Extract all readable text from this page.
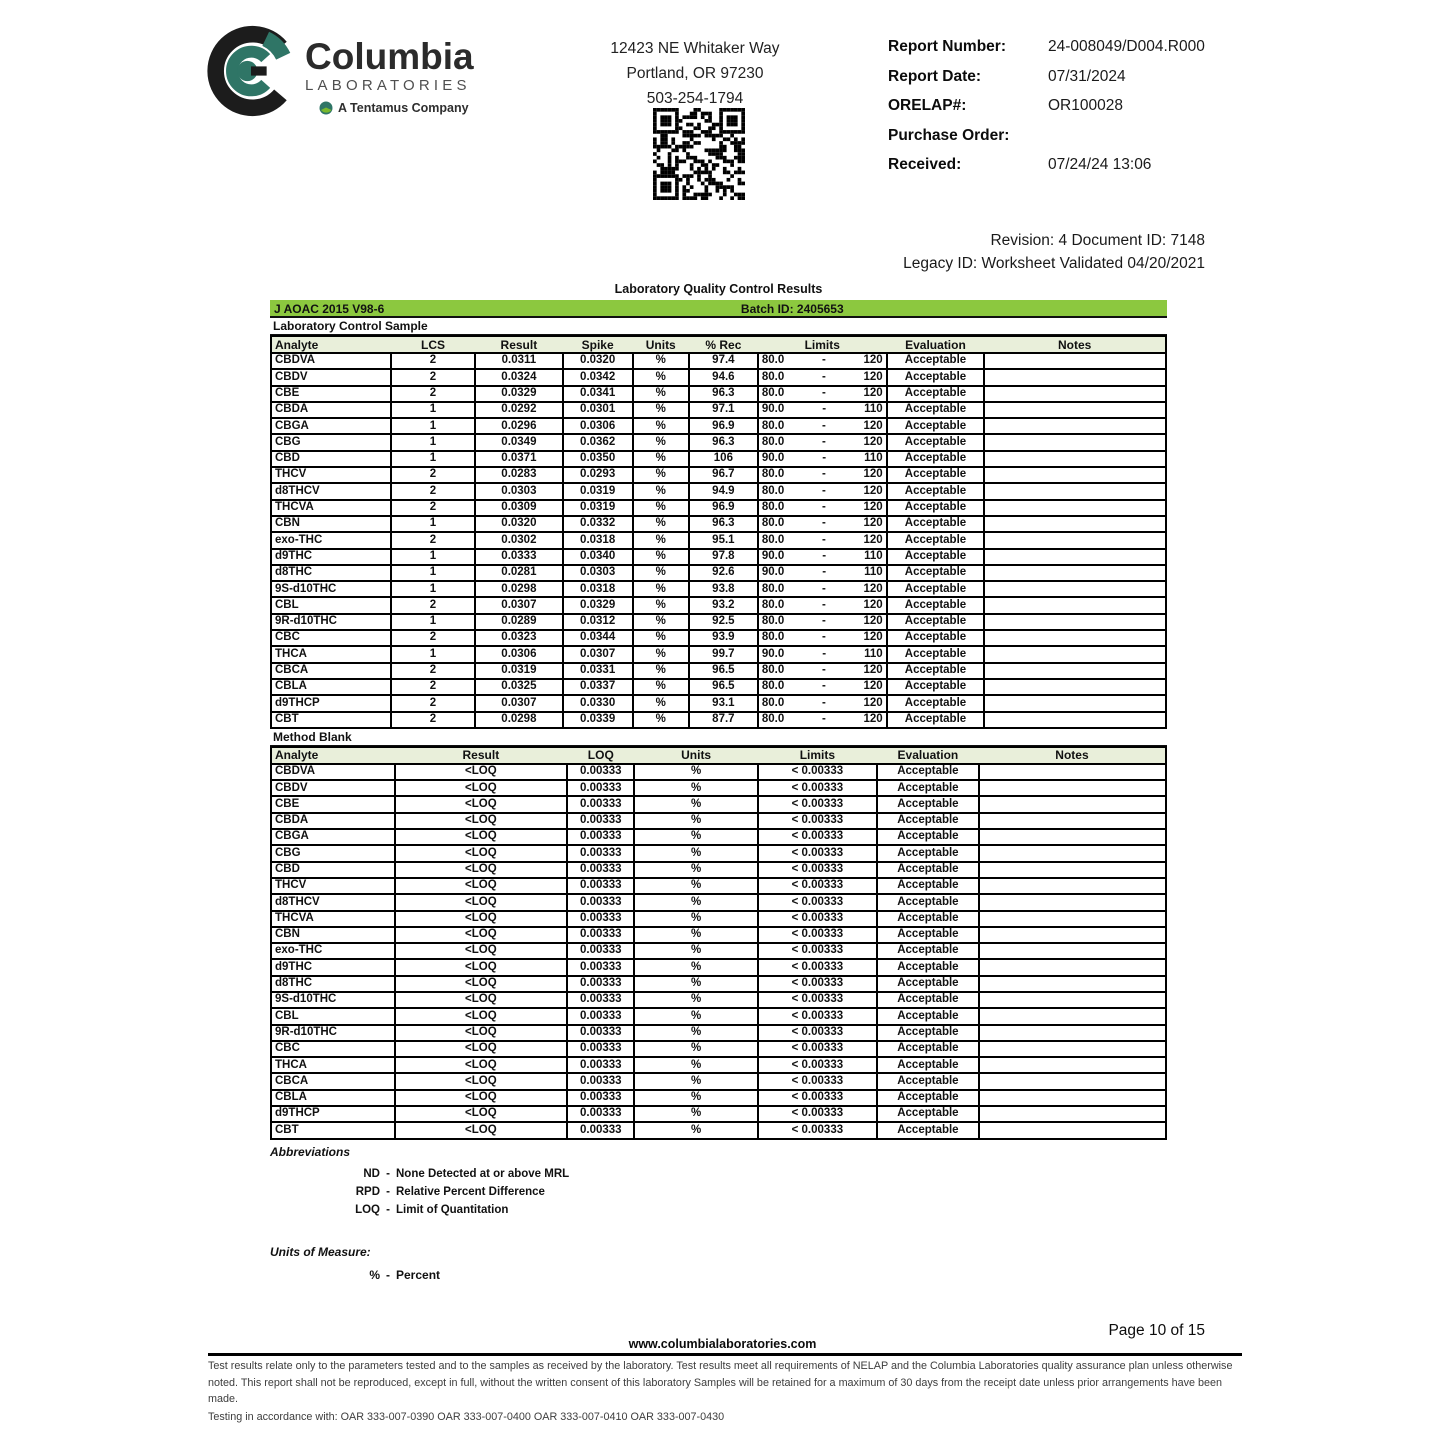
Columbia
LABORATORIES
A Tentamus Company
12423 NE Whitaker Way
Portland, OR 97230
503-254-1794
Report Number:	24-008049/D004.R000
Report Date:	07/31/2024
ORELAP#:	OR100028
Purchase Order:
Received:	07/24/24 13:06
Revision: 4 Document ID: 7148
Legacy ID: Worksheet Validated 04/20/2021
Laboratory Quality Control Results
J AOAC 2015 V98-6	Batch ID: 2405653
Laboratory Control Sample
Analyte	LCS	Result	Spike	Units	% Rec	Limits	Evaluation	Notes
CBDVA	2	0.0311	0.0320	%	97.4	80.0 - 120	Acceptable	
CBDV	2	0.0324	0.0342	%	94.6	80.0 - 120	Acceptable	
CBE	2	0.0329	0.0341	%	96.3	80.0 - 120	Acceptable	
CBDA	1	0.0292	0.0301	%	97.1	90.0 - 110	Acceptable	
CBGA	1	0.0296	0.0306	%	96.9	80.0 - 120	Acceptable	
CBG	1	0.0349	0.0362	%	96.3	80.0 - 120	Acceptable	
CBD	1	0.0371	0.0350	%	106	90.0 - 110	Acceptable	
THCV	2	0.0283	0.0293	%	96.7	80.0 - 120	Acceptable	
d8THCV	2	0.0303	0.0319	%	94.9	80.0 - 120	Acceptable	
THCVA	2	0.0309	0.0319	%	96.9	80.0 - 120	Acceptable	
CBN	1	0.0320	0.0332	%	96.3	80.0 - 120	Acceptable	
exo-THC	2	0.0302	0.0318	%	95.1	80.0 - 120	Acceptable	
d9THC	1	0.0333	0.0340	%	97.8	90.0 - 110	Acceptable	
d8THC	1	0.0281	0.0303	%	92.6	90.0 - 110	Acceptable	
9S-d10THC	1	0.0298	0.0318	%	93.8	80.0 - 120	Acceptable	
CBL	2	0.0307	0.0329	%	93.2	80.0 - 120	Acceptable	
9R-d10THC	1	0.0289	0.0312	%	92.5	80.0 - 120	Acceptable	
CBC	2	0.0323	0.0344	%	93.9	80.0 - 120	Acceptable	
THCA	1	0.0306	0.0307	%	99.7	90.0 - 110	Acceptable	
CBCA	2	0.0319	0.0331	%	96.5	80.0 - 120	Acceptable	
CBLA	2	0.0325	0.0337	%	96.5	80.0 - 120	Acceptable	
d9THCP	2	0.0307	0.0330	%	93.1	80.0 - 120	Acceptable	
CBT	2	0.0298	0.0339	%	87.7	80.0 - 120	Acceptable	
Method Blank
Analyte	Result	LOQ	Units	Limits	Evaluation	Notes
CBDVA	<LOQ	0.00333	%	< 0.00333	Acceptable	
CBDV	<LOQ	0.00333	%	< 0.00333	Acceptable	
CBE	<LOQ	0.00333	%	< 0.00333	Acceptable	
CBDA	<LOQ	0.00333	%	< 0.00333	Acceptable	
CBGA	<LOQ	0.00333	%	< 0.00333	Acceptable	
CBG	<LOQ	0.00333	%	< 0.00333	Acceptable	
CBD	<LOQ	0.00333	%	< 0.00333	Acceptable	
THCV	<LOQ	0.00333	%	< 0.00333	Acceptable	
d8THCV	<LOQ	0.00333	%	< 0.00333	Acceptable	
THCVA	<LOQ	0.00333	%	< 0.00333	Acceptable	
CBN	<LOQ	0.00333	%	< 0.00333	Acceptable	
exo-THC	<LOQ	0.00333	%	< 0.00333	Acceptable	
d9THC	<LOQ	0.00333	%	< 0.00333	Acceptable	
d8THC	<LOQ	0.00333	%	< 0.00333	Acceptable	
9S-d10THC	<LOQ	0.00333	%	< 0.00333	Acceptable	
CBL	<LOQ	0.00333	%	< 0.00333	Acceptable	
9R-d10THC	<LOQ	0.00333	%	< 0.00333	Acceptable	
CBC	<LOQ	0.00333	%	< 0.00333	Acceptable	
THCA	<LOQ	0.00333	%	< 0.00333	Acceptable	
CBCA	<LOQ	0.00333	%	< 0.00333	Acceptable	
CBLA	<LOQ	0.00333	%	< 0.00333	Acceptable	
d9THCP	<LOQ	0.00333	%	< 0.00333	Acceptable	
CBT	<LOQ	0.00333	%	< 0.00333	Acceptable	
Abbreviations
ND - None Detected at or above MRL
RPD - Relative Percent Difference
LOQ - Limit of Quantitation
Units of Measure:
% - Percent
Page 10 of 15
www.columbialaboratories.com

Test results relate only to the parameters tested and to the samples as received by the laboratory. Test results meet all requirements of NELAP and the Columbia Laboratories quality assurance plan unless otherwise noted. This report shall not be reproduced, except in full, without the written consent of this laboratory Samples will be retained for a maximum of 30 days from the receipt date unless prior arrangements have been made.

Testing in accordance with: OAR 333-007-0390 OAR 333-007-0400 OAR 333-007-0410 OAR 333-007-0430
